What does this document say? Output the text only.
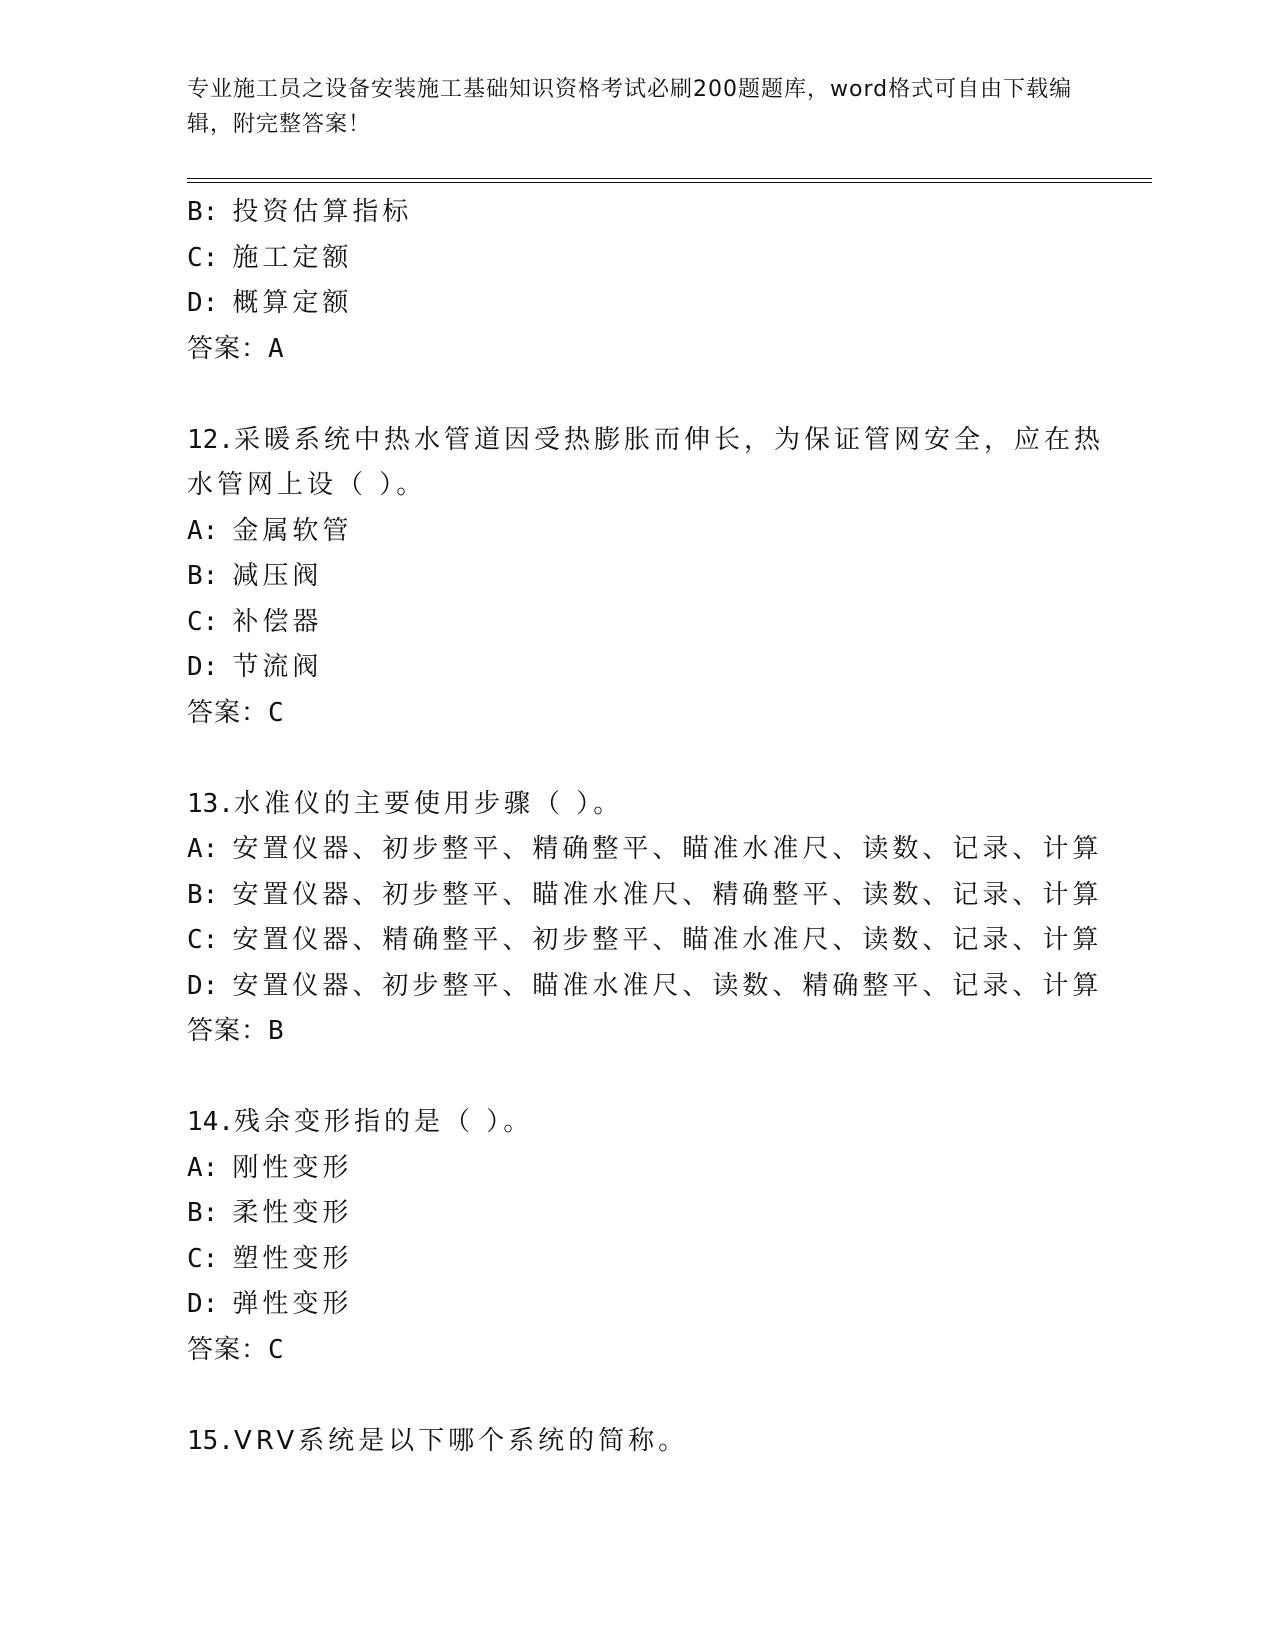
专业施工员之设备安装施工基础知识资格考试必刷200题题库，word格式可自由下载编辑，附完整答案！
B: 投资估算指标
C: 施工定额
D: 概算定额
答案：A
12.采暖系统中热水管道因受热膨胀而伸长，为保证管网安全，应在热水管网上设（ ）。
A: 金属软管
B: 减压阀
C: 补偿器
D: 节流阀
答案：C
13.水准仪的主要使用步骤（ ）。
A: 安置仪器、初步整平、精确整平、瞄准水准尺、读数、记录、计算
B: 安置仪器、初步整平、瞄准水准尺、精确整平、读数、记录、计算
C: 安置仪器、精确整平、初步整平、瞄准水准尺、读数、记录、计算
D: 安置仪器、初步整平、瞄准水准尺、读数、精确整平、记录、计算
答案：B
14.残余变形指的是（ ）。
A: 刚性变形
B: 柔性变形
C: 塑性变形
D: 弹性变形
答案：C
15.VRV系统是以下哪个系统的简称。
